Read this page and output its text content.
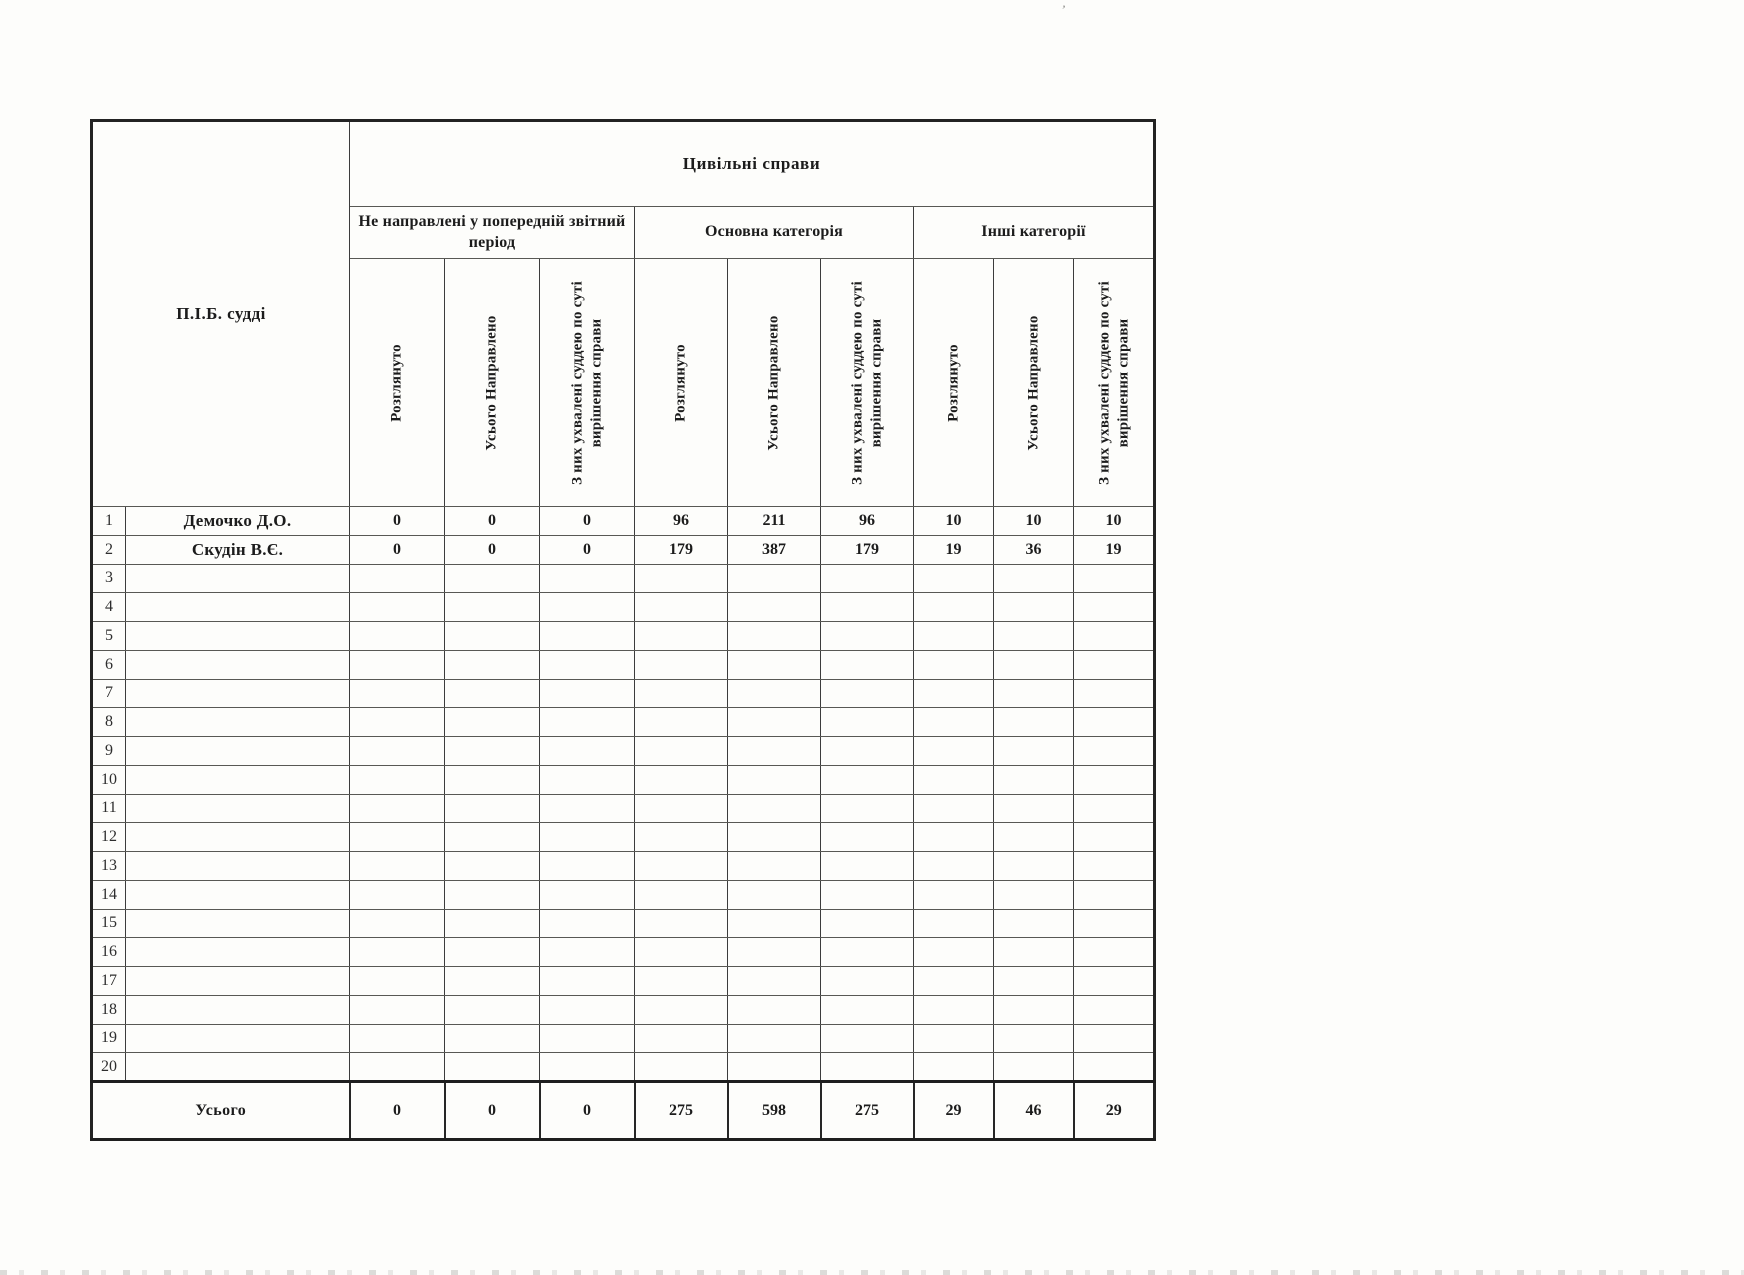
’
П.І.Б. судді		Цивільні справи								
		Не направлені у попередній звітний період			Основна категорія			Інші категорії		

		Розглянуто	Усього Направлено	З них ухвалені суддею по суті вирішення справи	Розглянуто	Усього Направлено	З них ухвалені суддею по суті вирішення справи	Розглянуто	Усього Направлено	З них ухвалені суддею по суті вирішення справи

1	Демочко Д.О.	0	0	0	96	211	96	10	10	10
2	Скудін В.Є.	0	0	0	179	387	179	19	36	19
3										
4										
5										
6										
7										
8										
9										
10										
11										
12										
13										
14										
15										
16										
17										
18										
19										
20										
Усього		0	0	0	275	598	275	29	46	29
